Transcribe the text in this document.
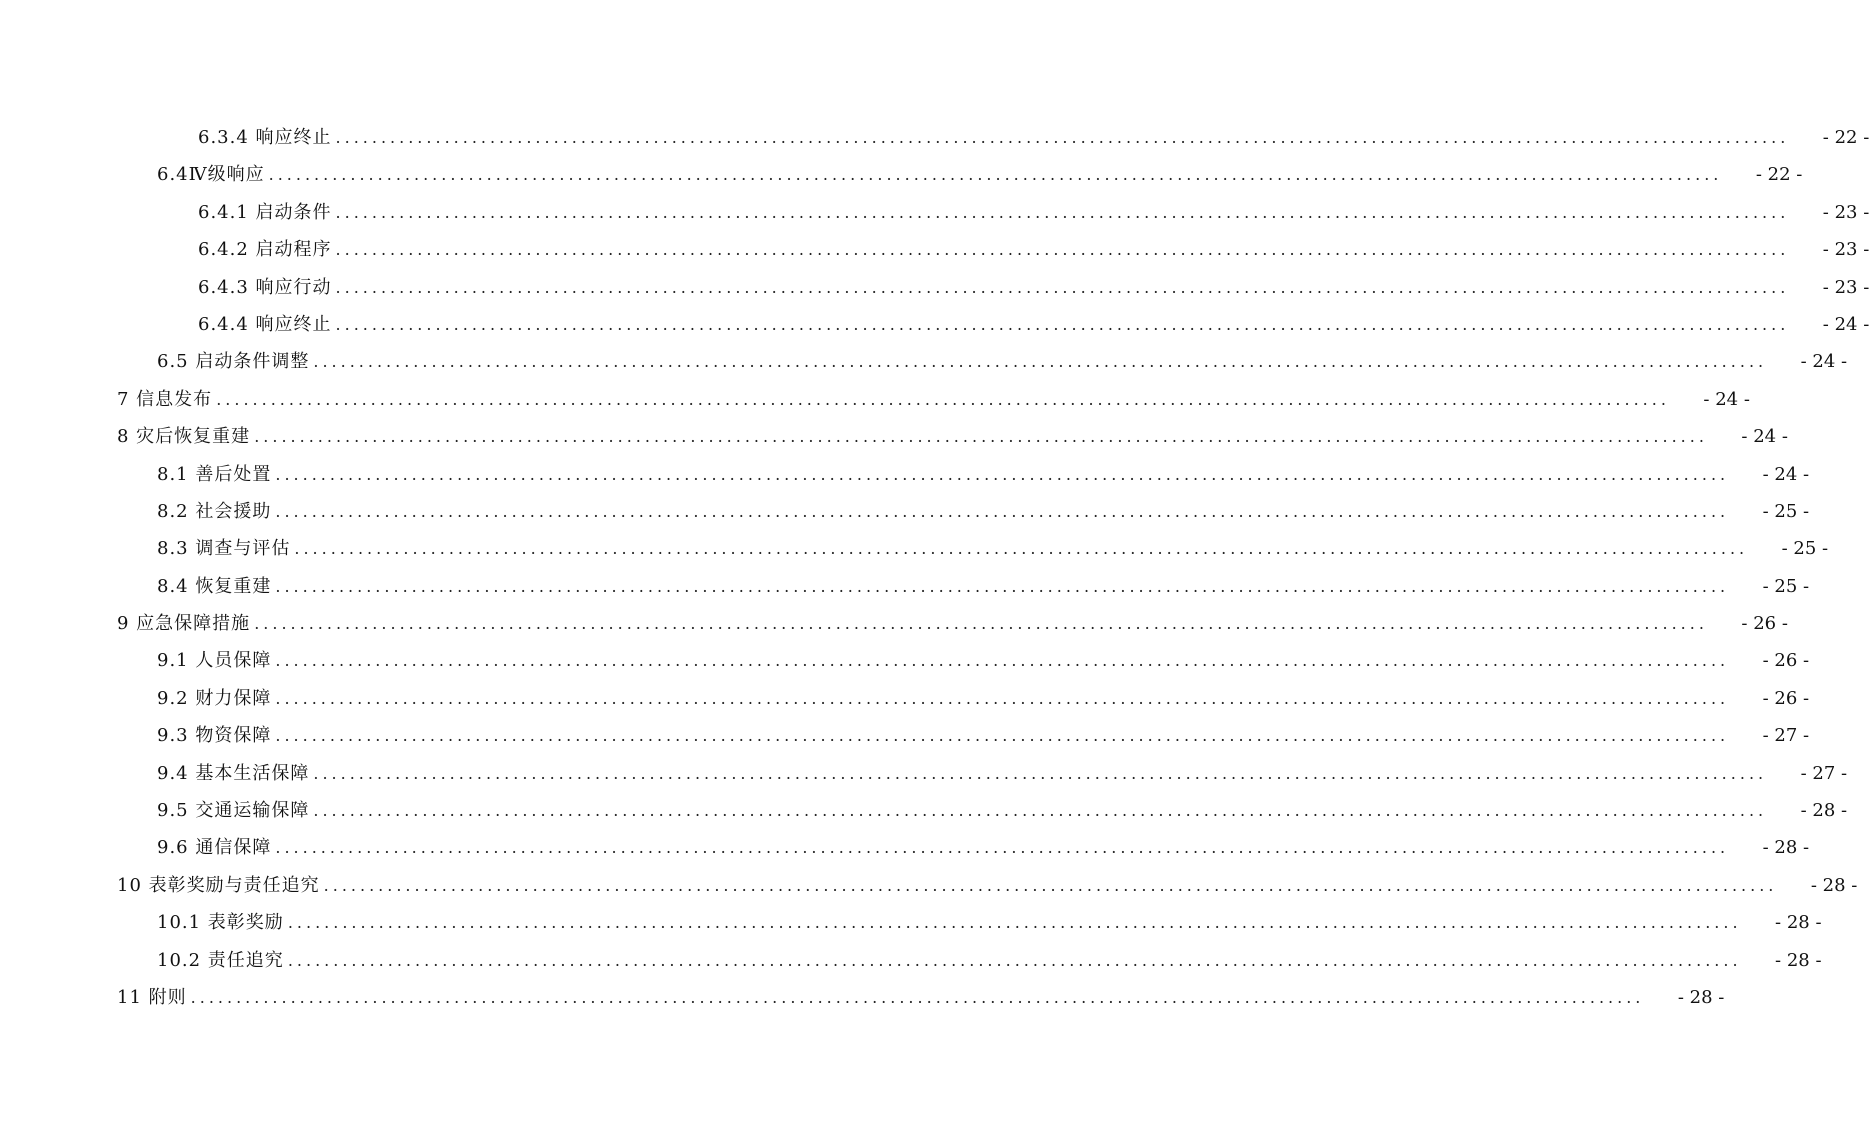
6.3.4 响应终止 ................................................................................................................................................................	- 22 -
6.4Ⅳ级响应 ................................................................................................................................................................	- 22 -
6.4.1 启动条件 ................................................................................................................................................................	- 23 -
6.4.2 启动程序 ................................................................................................................................................................	- 23 -
6.4.3 响应行动 ................................................................................................................................................................	- 23 -
6.4.4 响应终止 ................................................................................................................................................................	- 24 -
6.5 启动条件调整 ................................................................................................................................................................	- 24 -
7 信息发布 ................................................................................................................................................................	- 24 -
8 灾后恢复重建 ................................................................................................................................................................	- 24 -
8.1 善后处置 ................................................................................................................................................................	- 24 -
8.2 社会援助 ................................................................................................................................................................	- 25 -
8.3 调查与评估 ................................................................................................................................................................	- 25 -
8.4 恢复重建 ................................................................................................................................................................	- 25 -
9 应急保障措施 ................................................................................................................................................................	- 26 -
9.1 人员保障 ................................................................................................................................................................	- 26 -
9.2 财力保障 ................................................................................................................................................................	- 26 -
9.3 物资保障 ................................................................................................................................................................	- 27 -
9.4 基本生活保障 ................................................................................................................................................................	- 27 -
9.5 交通运输保障 ................................................................................................................................................................	- 28 -
9.6 通信保障 ................................................................................................................................................................	- 28 -
10 表彰奖励与责任追究 ................................................................................................................................................................	- 28 -
10.1 表彰奖励 ................................................................................................................................................................	- 28 -
10.2 责任追究 ................................................................................................................................................................	- 28 -
11 附则 ................................................................................................................................................................	- 28 -
